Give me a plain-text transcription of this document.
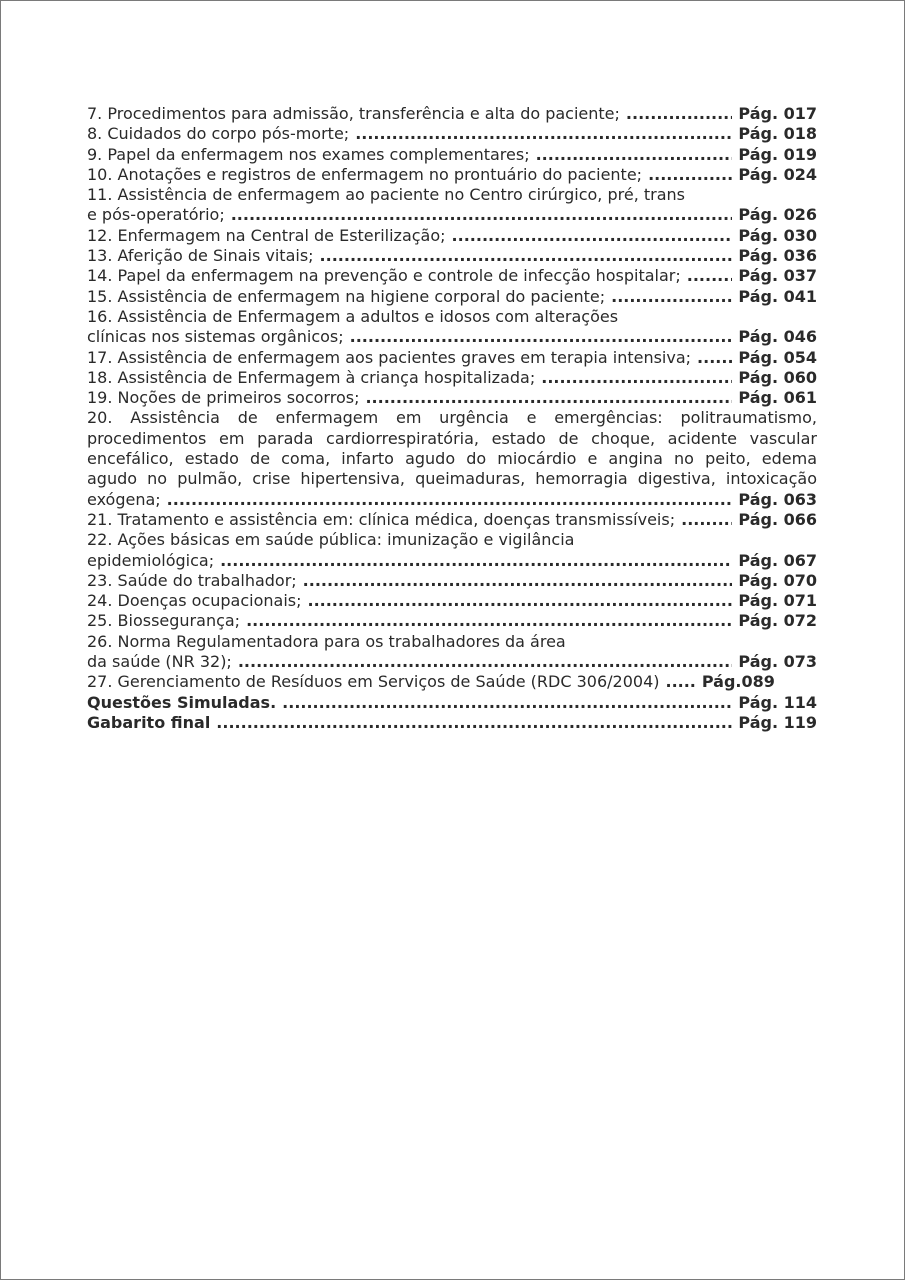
7. Procedimentos para admissão, transferência e alta do paciente; .....	Pág. 017
8. Cuidados do corpo pós-morte; .....	Pág. 018
9. Papel da enfermagem nos exames complementares; .....	Pág. 019
10. Anotações e registros de enfermagem no prontuário do paciente; .....	Pág. 024
11. Assistência de enfermagem ao paciente no Centro cirúrgico, pré, trans
e pós-operatório; .....	Pág. 026
12. Enfermagem na Central de Esterilização; .....	Pág. 030
13. Aferição de Sinais vitais; .....	Pág. 036
14. Papel da enfermagem na prevenção e controle de infecção hospitalar; .....	Pág. 037
15. Assistência de enfermagem na higiene corporal do paciente; .....	Pág. 041
16. Assistência de Enfermagem a adultos e idosos com alterações
clínicas nos sistemas orgânicos; .....	Pág. 046
17. Assistência de enfermagem aos pacientes graves em terapia intensiva; .....	Pág. 054
18. Assistência de Enfermagem à criança hospitalizada; .....	Pág. 060
19. Noções de primeiros socorros; .....	Pág. 061
20. Assistência de enfermagem em urgência e emergências: politraumatismo,
procedimentos em parada cardiorrespiratória, estado de choque, acidente vascular
encefálico, estado de coma, infarto agudo do miocárdio e angina no peito, edema
agudo no pulmão, crise hipertensiva, queimaduras, hemorragia digestiva, intoxicação
exógena; .....	Pág. 063
21. Tratamento e assistência em: clínica médica, doenças transmissíveis; .....	Pág. 066
22. Ações básicas em saúde pública: imunização e vigilância
epidemiológica; .....	Pág. 067
23. Saúde do trabalhador; .....	Pág. 070
24. Doenças ocupacionais; .....	Pág. 071
25. Biossegurança; .....	Pág. 072
26. Norma Regulamentadora para os trabalhadores da área
da saúde (NR 32); .....	Pág. 073
27. Gerenciamento de Resíduos em Serviços de Saúde (RDC 306/2004) ..... Pág.089
Questões Simuladas. .....	Pág. 114
Gabarito final .....	Pág. 119
